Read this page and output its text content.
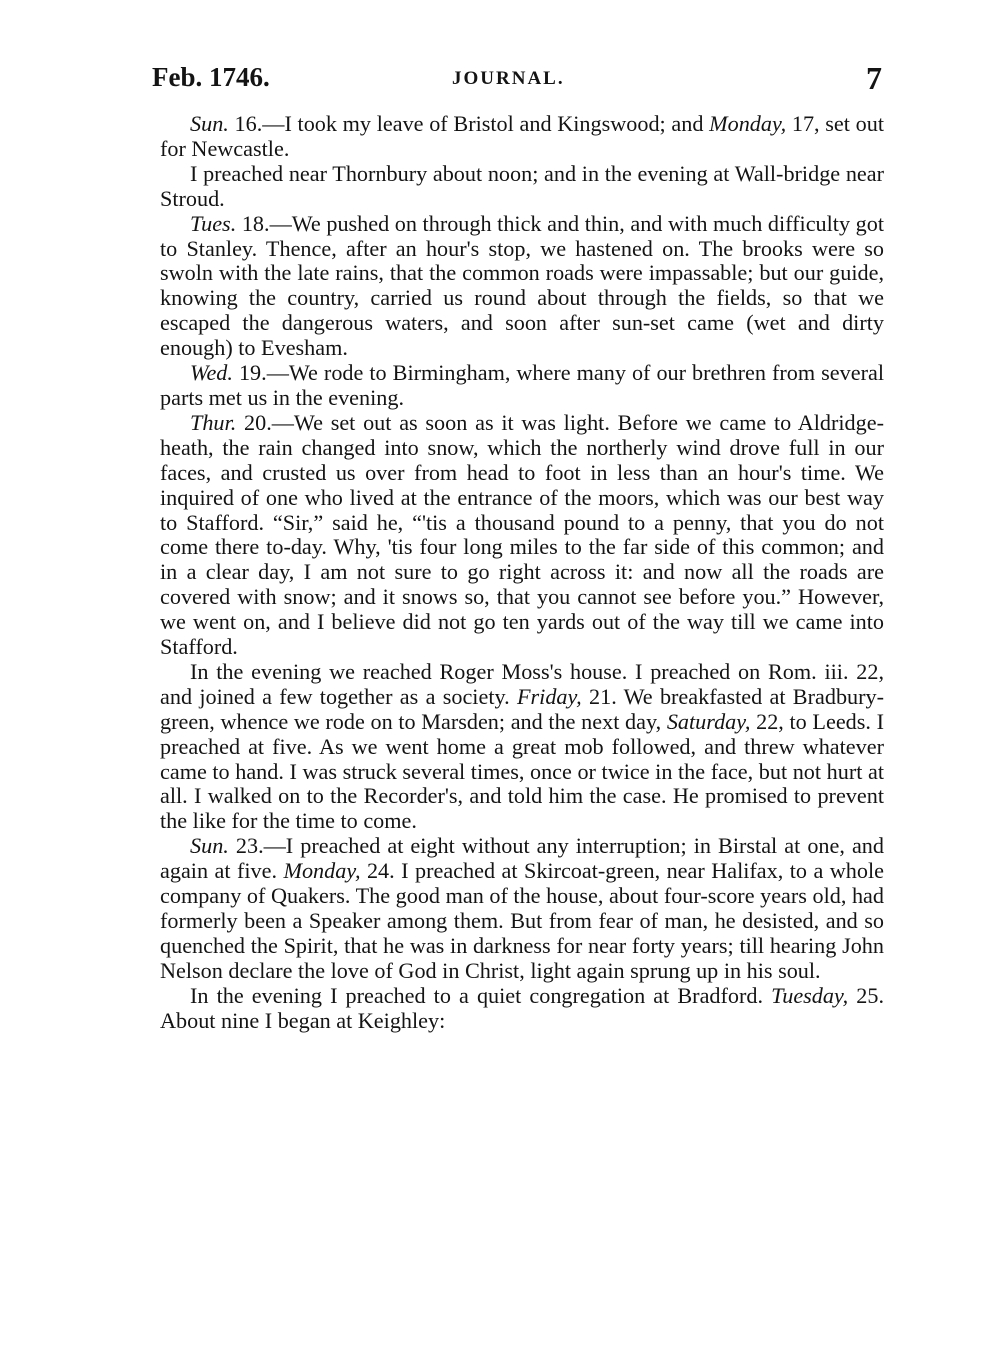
Feb. 1746.	JOURNAL.	7

Sun. 16.—I took my leave of Bristol and Kingswood; and Monday, 17, set out for Newcastle.

I preached near Thornbury about noon; and in the evening at Wall-bridge near Stroud.

Tues. 18.—We pushed on through thick and thin, and with much difficulty got to Stanley. Thence, after an hour's stop, we hastened on. The brooks were so swoln with the late rains, that the common roads were impassable; but our guide, knowing the country, carried us round about through the fields, so that we escaped the dangerous waters, and soon after sun-set came (wet and dirty enough) to Evesham.

Wed. 19.—We rode to Birmingham, where many of our brethren from several parts met us in the evening.

Thur. 20.—We set out as soon as it was light. Before we came to Aldridge-heath, the rain changed into snow, which the northerly wind drove full in our faces, and crusted us over from head to foot in less than an hour's time. We inquired of one who lived at the entrance of the moors, which was our best way to Stafford. “Sir,” said he, “'tis a thousand pound to a penny, that you do not come there to-day. Why, 'tis four long miles to the far side of this common; and in a clear day, I am not sure to go right across it: and now all the roads are covered with snow; and it snows so, that you cannot see before you.” However, we went on, and I believe did not go ten yards out of the way till we came into Stafford.

In the evening we reached Roger Moss's house. I preached on Rom. iii. 22, and joined a few together as a society. Friday, 21. We breakfasted at Bradbury-green, whence we rode on to Marsden; and the next day, Saturday, 22, to Leeds. I preached at five. As we went home a great mob followed, and threw whatever came to hand. I was struck several times, once or twice in the face, but not hurt at all. I walked on to the Recorder's, and told him the case. He promised to prevent the like for the time to come.

Sun. 23.—I preached at eight without any interruption; in Birstal at one, and again at five. Monday, 24. I preached at Skircoat-green, near Halifax, to a whole company of Quakers. The good man of the house, about four-score years old, had formerly been a Speaker among them. But from fear of man, he desisted, and so quenched the Spirit, that he was in darkness for near forty years; till hearing John Nelson declare the love of God in Christ, light again sprung up in his soul.

In the evening I preached to a quiet congregation at Bradford. Tuesday, 25. About nine I began at Keighley:
